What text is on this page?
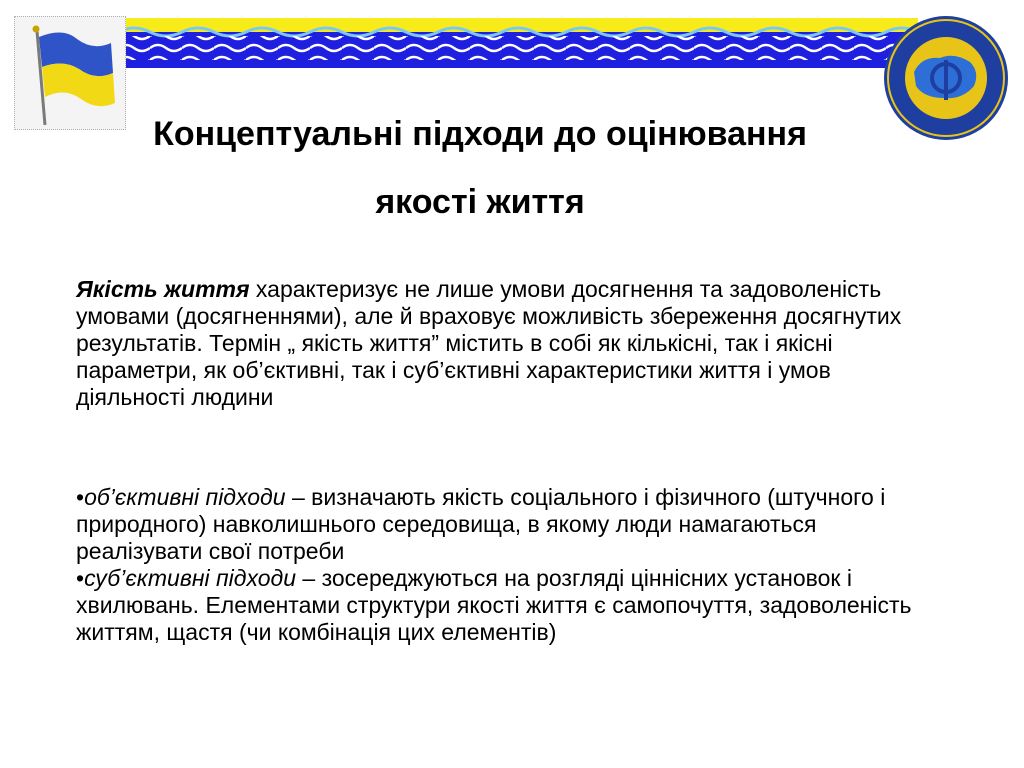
Концептуальні підходи до оцінювання
якості життя
Якість життя характеризує не лише умови досягнення та задоволеність умовами (досягненнями), але й враховує можливість збереження досягнутих результатів. Термін „ якість життя” містить в собі як кількісні, так і якісні параметри, як об’єктивні, так і суб’єктивні характеристики життя і умов діяльності людини

•об’єктивні підходи – визначають якість соціального і фізичного (штучного і природного) навколишнього середовища, в якому люди намагаються реалізувати свої потреби

•суб’єктивні підходи – зосереджуються на розгляді ціннісних установок і хвилювань. Елементами структури якості життя є самопочуття, задоволеність життям, щастя (чи комбінація цих елементів)
